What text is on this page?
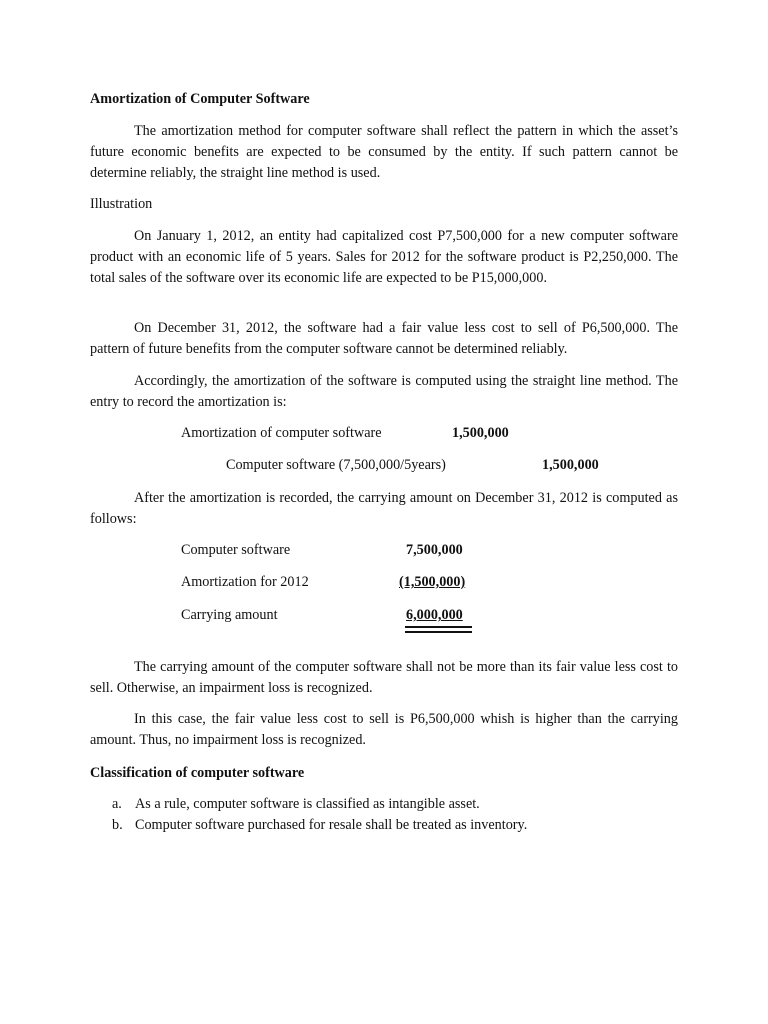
Amortization of Computer Software

The amortization method for computer software shall reflect the pattern in which the asset’s future economic benefits are expected to be consumed by the entity. If such pattern cannot be determine reliably, the straight line method is used.

Illustration

On January 1, 2012, an entity had capitalized cost P7,500,000 for a new computer software product with an economic life of 5 years. Sales for 2012 for the software product is P2,250,000. The total sales of the software over its economic life are expected to be P15,000,000.

On December 31, 2012, the software had a fair value less cost to sell of P6,500,000. The pattern of future benefits from the computer software cannot be determined reliably.

Accordingly, the amortization of the software is computed using the straight line method. The entry to record the amortization is:

Amortization of computer software	1,500,000

Computer software (7,500,000/5years)	1,500,000

After the amortization is recorded, the carrying amount on December 31, 2012 is computed as follows:

Computer software	7,500,000

Amortization for 2012	(1,500,000)

Carrying amount	6,000,000

The carrying amount of the computer software shall not be more than its fair value less cost to sell. Otherwise, an impairment loss is recognized.

In this case, the fair value less cost to sell is P6,500,000 whish is higher than the carrying amount. Thus, no impairment loss is recognized.

Classification of computer software

a. As a rule, computer software is classified as intangible asset.
b. Computer software purchased for resale shall be treated as inventory.
